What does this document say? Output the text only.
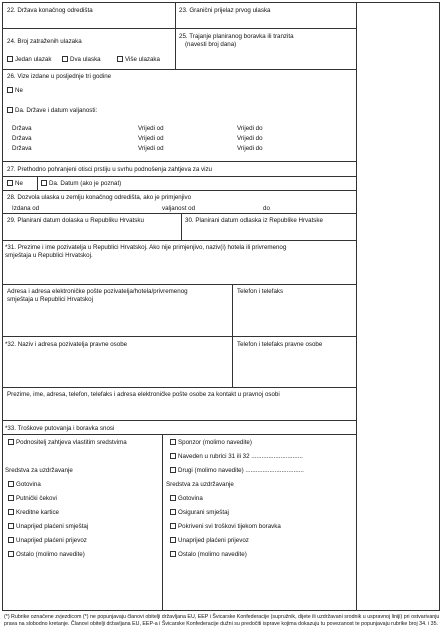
22. Država konačnog odredišta	23. Granični prijelaz prvog ulaska
24. Broj zatraženih ulazaka
Jedan ulazak	Dva ulaska	Više ulazaka
25. Trajanje planiranog boravka ili tranzita
(navesti broj dana)
26. Vize izdane u posljednje tri godine
Ne
Da. Države i datum valjanosti:
Država	Vrijedi od	Vrijedi do
Država	Vrijedi od	Vrijedi do
Država	Vrijedi od	Vrijedi do
27. Prethodno pohranjeni otisci prstiju u svrhu podnošenja zahtjeva za vizu
Ne	Da. Datum (ako je poznat)
28. Dozvola ulaska u zemlju konačnog odredišta, ako je primjenjivo
Izdana od	valjanost od	do
29. Planirani datum dolaska u Republiku Hrvatsku	30. Planirani datum odlaska iz Republike Hrvatske
*31. Prezime i ime pozivatelja u Republici Hrvatskoj. Ako nije primjenjivo, naziv(i) hotela ili privremenog
smještaja u Republici Hrvatskoj.
Adresa i adresa elektroničke pošte pozivatelja/hotela/privremenog
smještaja u Republici Hrvatskoj
Telefon i telefaks
*32. Naziv i adresa pozivatelja pravne osobe	Telefon i telefaks pravne osobe
Prezime, ime, adresa, telefon, telefaks i adresa elektroničke pošte osobe za kontakt u pravnoj osobi
*33. Troškove putovanja i boravka snosi
Podnositelj zahtjeva vlastitim sredstvima
Sredstva za uzdržavanje
Gotovina
Putnički čekovi
Kreditne kartice
Unaprijed plaćeni smještaj
Unaprijed plaćeni prijevoz
Ostalo (molimo navedite)
Sponzor (molimo navedite)
Naveden u rubrici 31 ili 32 ..............................
Drugi (molimo navedite) ..................................
Sredstva za uzdržavanje
Gotovina
Osigurani smještaj
Pokriveni svi troškovi tijekom boravka
Unaprijed plaćeni prijevoz
Ostalo (molimo navedite)
(*) Rubrike označene zvjezdicom (*) ne popunjavaju članovi obitelji državljana EU, EEP i Švicarske Konfederacije (supružnik, dijete ili uzdržavani srodnik u uspravnoj liniji) pri ostvarivanju prava na slobodno kretanje. Članovi obitelji državljana EU, EEP-a i Švicarske Konfederacije dužni su predočiti isprave kojima dokazuju tu povezanost te popunjavaju rubrike broj 34. i 35.
